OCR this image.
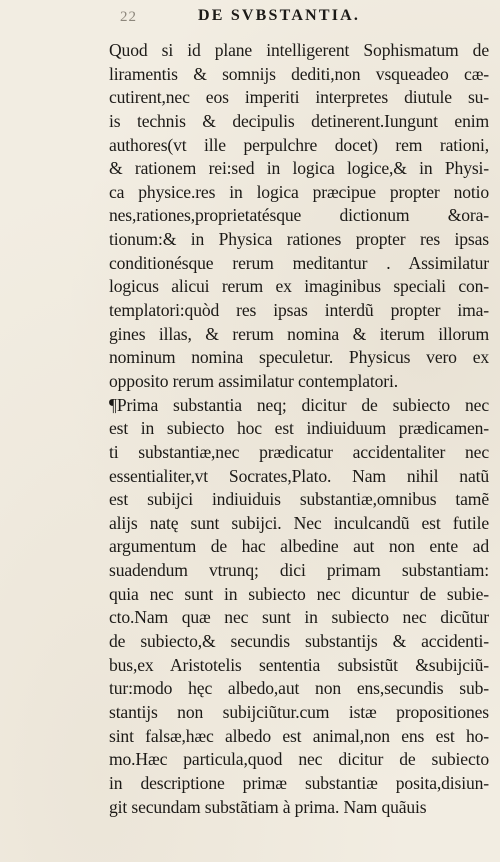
22	DE SVBSTANTIA.
Quod si id plane intelligerent Sophismatum de
liramentis & somnijs dediti,non vsqueadeo cæ-
cutirent,nec eos imperiti interpretes diutule su-
is technis & decipulis detinerent.Iungunt enim
authores(vt ille perpulchre docet) rem rationi,
& rationem rei:sed in logica logice,& in Physi-
ca physice.res in logica præcipue propter notio
nes,rationes,proprietatésque dictionum &ora-
tionum:& in Physica rationes propter res ipsas
conditionésque rerum meditantur . Assimilatur
logicus alicui rerum ex imaginibus speciali con-
templatori:quòd res ipsas interdũ propter ima-
gines illas, & rerum nomina & iterum illorum
nominum nomina speculetur. Physicus vero ex
opposito rerum assimilatur contemplatori.
¶Prima substantia neq; dicitur de subiecto nec
est in subiecto hoc est indiuiduum prædicamen-
ti substantiæ,nec prædicatur accidentaliter nec
essentialiter,vt Socrates,Plato. Nam nihil natũ
est subijci indiuiduis substantiæ,omnibus tamẽ
alijs natę sunt subijci. Nec inculcandũ est futile
argumentum de hac albedine aut non ente ad
suadendum vtrunq; dici primam substantiam:
quia nec sunt in subiecto nec dicuntur de subie-
cto.Nam quæ nec sunt in subiecto nec dicũtur
de subiecto,& secundis substantijs & accidenti-
bus,ex Aristotelis sententia subsistũt &subijciũ-
tur:modo hęc albedo,aut non ens,secundis sub-
stantijs non subijciũtur.cum istæ propositiones
sint falsæ,hæc albedo est animal,non ens est ho-
mo.Hæc particula,quod nec dicitur de subiecto
in descriptione primæ substantiæ posita,disiun-
git secundam substãtiam à prima. Nam quãuis
